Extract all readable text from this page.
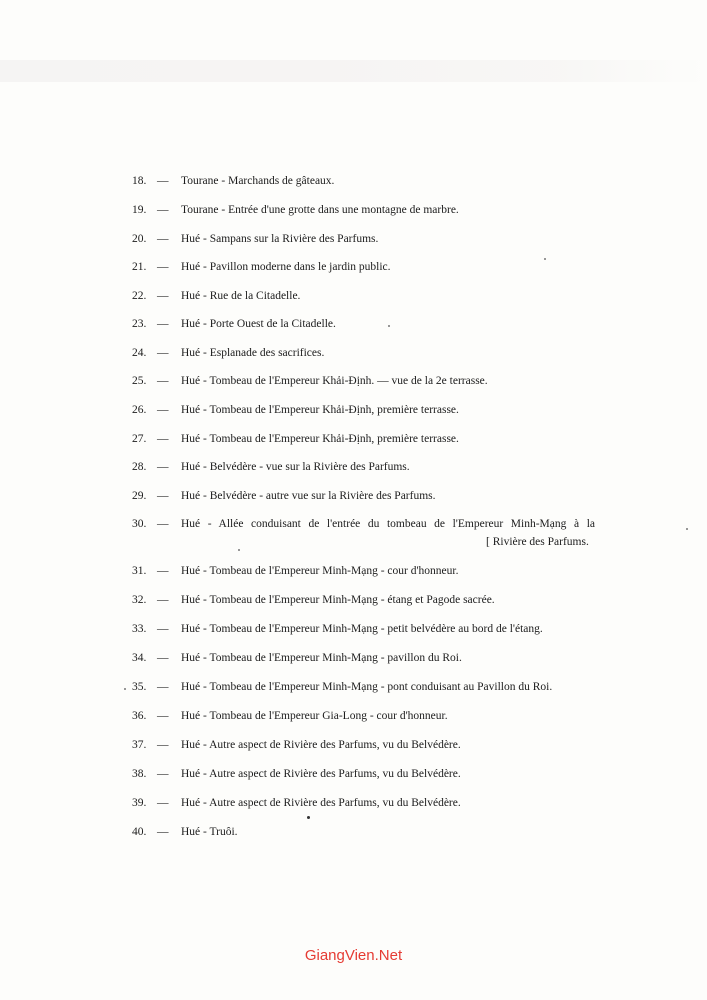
18. — Tourane - Marchands de gâteaux.
19. — Tourane - Entrée d'une grotte dans une montagne de marbre.
20. — Hué - Sampans sur la Rivière des Parfums.
21. — Hué - Pavillon moderne dans le jardin public.
22. — Hué - Rue de la Citadelle.
23. — Hué - Porte Ouest de la Citadelle.
24. — Hué - Esplanade des sacrifices.
25. — Hué - Tombeau de l'Empereur Khải-Định. — vue de la 2e terrasse.
26. — Hué - Tombeau de l'Empereur Khải-Định, première terrasse.
27. — Hué - Tombeau de l'Empereur Khải-Định, première terrasse.
28. — Hué - Belvédère - vue sur la Rivière des Parfums.
29. — Hué - Belvédère - autre vue sur la Rivière des Parfums.
30. — Hué - Allée conduisant de l'entrée du tombeau de l'Empereur Minh-Mạng à la
[ Rivière des Parfums.
31. — Hué - Tombeau de l'Empereur Minh-Mạng - cour d'honneur.
32. — Hué - Tombeau de l'Empereur Minh-Mạng - étang et Pagode sacrée.
33. — Hué - Tombeau de l'Empereur Minh-Mạng - petit belvédère au bord de l'étang.
34. — Hué - Tombeau de l'Empereur Minh-Mạng - pavillon du Roi.
35. — Hué - Tombeau de l'Empereur Minh-Mạng - pont conduisant au Pavillon du Roi.
36. — Hué - Tombeau de l'Empereur Gia-Long - cour d'honneur.
37. — Hué - Autre aspect de Rivière des Parfums, vu du Belvédère.
38. — Hué - Autre aspect de Rivière des Parfums, vu du Belvédère.
39. — Hué - Autre aspect de Rivière des Parfums, vu du Belvédère.
40. — Hué - Truôi.
GiangVien.Net
